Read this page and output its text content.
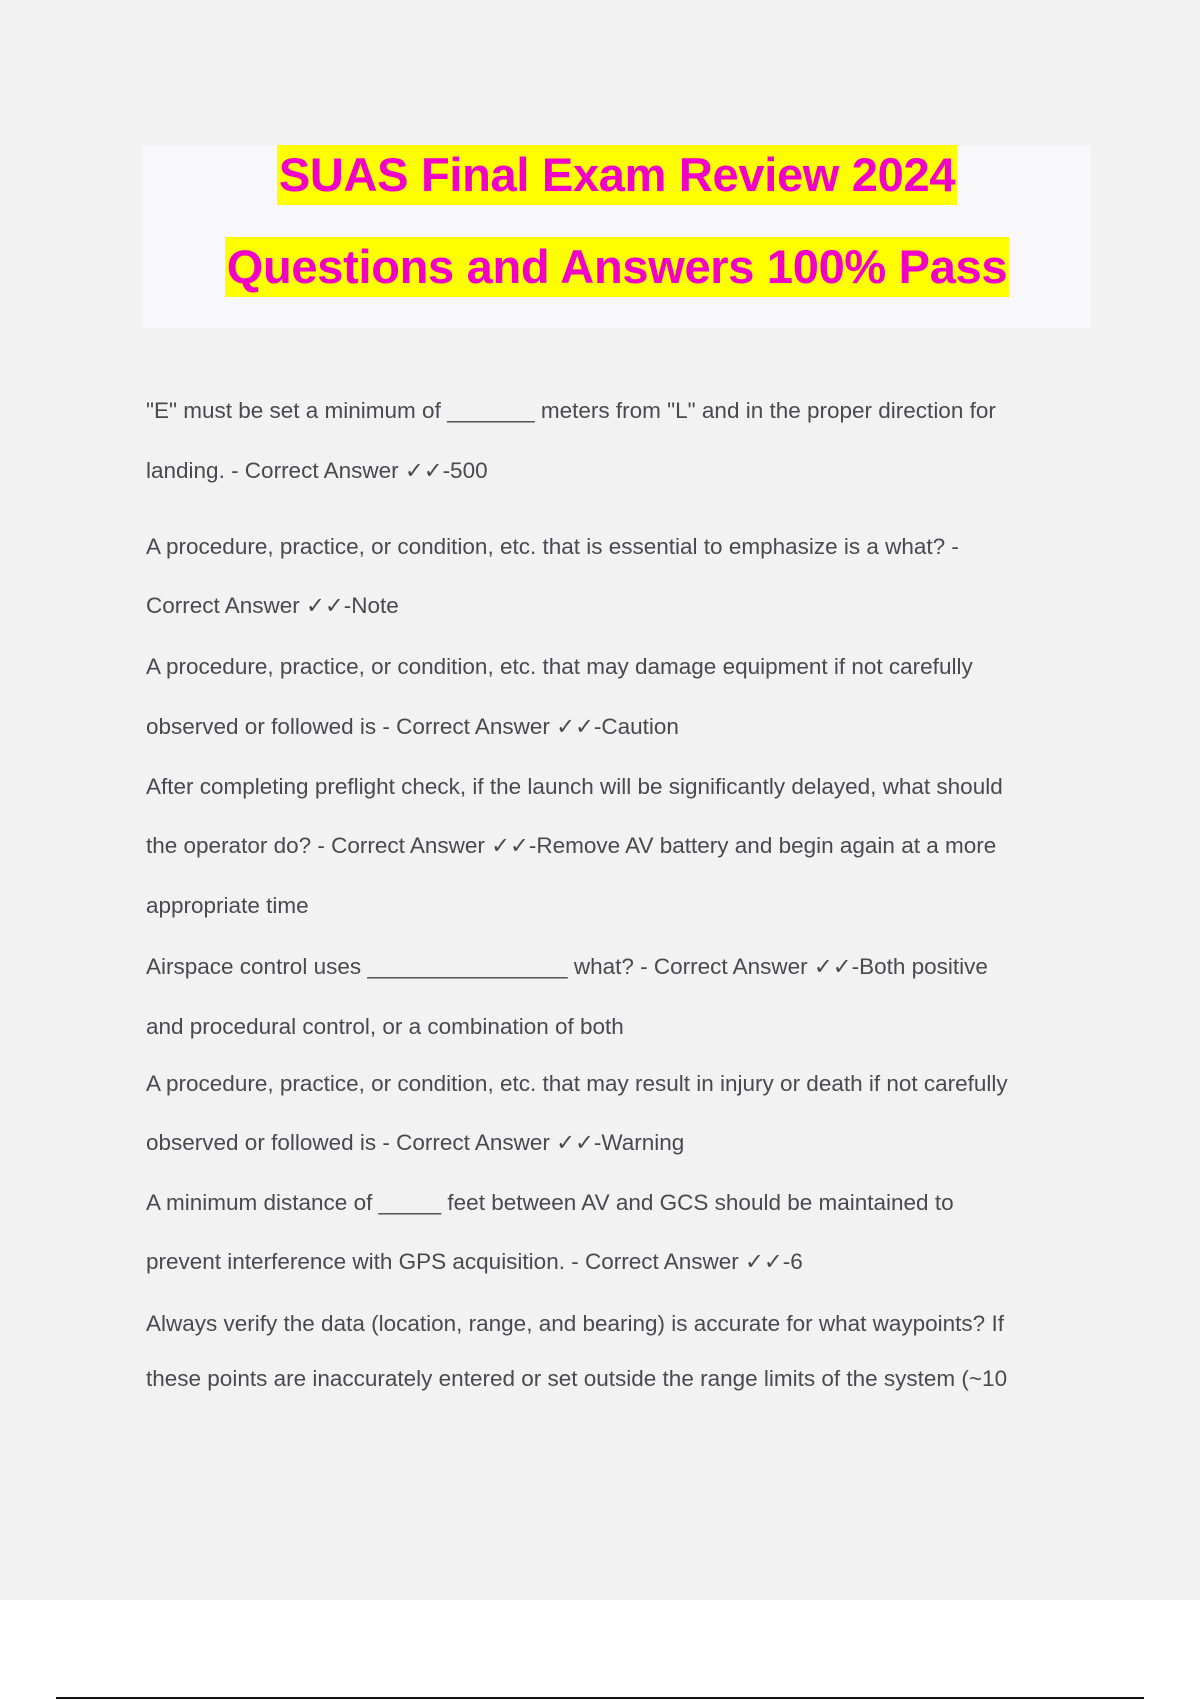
SUAS Final Exam Review 2024
Questions and Answers 100% Pass
"E" must be set a minimum of _______ meters from "L" and in the proper direction for
landing. - Correct Answer ✓✓-500
A procedure, practice, or condition, etc. that is essential to emphasize is a what? -
Correct Answer ✓✓-Note
A procedure, practice, or condition, etc. that may damage equipment if not carefully
observed or followed is - Correct Answer ✓✓-Caution
After completing preflight check, if the launch will be significantly delayed, what should
the operator do? - Correct Answer ✓✓-Remove AV battery and begin again at a more
appropriate time
Airspace control uses ________________ what? - Correct Answer ✓✓-Both positive
and procedural control, or a combination of both
A procedure, practice, or condition, etc. that may result in injury or death if not carefully
observed or followed is - Correct Answer ✓✓-Warning
A minimum distance of _____ feet between AV and GCS should be maintained to
prevent interference with GPS acquisition. - Correct Answer ✓✓-6
Always verify the data (location, range, and bearing) is accurate for what waypoints? If
these points are inaccurately entered or set outside the range limits of the system (~10
